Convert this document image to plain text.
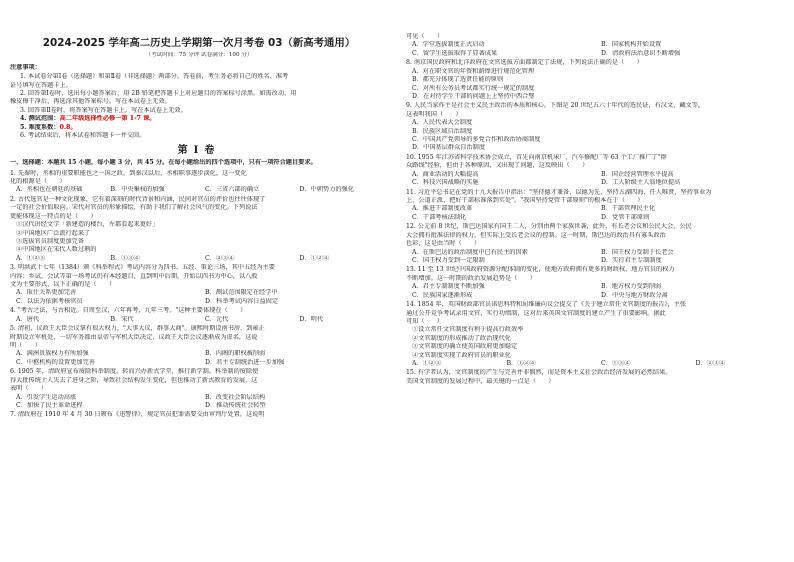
2024-2025 学年高二历史上学期第一次月考卷 03（新高考通用）
（考试时间：75 分钟 试卷满分：100 分）
注意事项：
1. 本试卷分第Ⅰ卷（选择题）和第Ⅱ卷（非选择题）两部分。答卷前，考生务必将自己的姓名、准考
证号填写在答题卡上。
2. 回答第Ⅰ卷时，选出每小题答案后，用 2B 铅笔把答题卡上对应题目的答案标号涂黑。如需改动，用
橡皮擦干净后，再选涂其他答案标号。写在本试卷上无效。
3. 回答第Ⅱ卷时，将答案写在答题卡上。写在本试卷上无效。
4. 测试范围：高二年级选择性必修一第 1-7 课。
5. 难度系数：0.8。
6. 考试结束后，将本试卷和答题卡一并交回。
第Ⅰ卷
一、选择题：本题共 15 小题，每小题 3 分，共 45 分。在每小题给出的四个选项中，只有一项符合题目要求。
1. 先秦时，丞相的重要职能也之一国之政，到秦汉以后，丞相职事逐步淡化，这一变化
化的根源是（　　）
A．丞相也在朝廷的基础	B．中央集权的加强	C．三省六部的确立	D．中朝势力的强化
2. 古代选官是一种文化现象，它有着深刻的时代背景和内涵，民间对官员的评价也往往体现了
一定的社会价值取向。宋代对官员的形象描绘，有助于我们了解社会风气的变化。下列说法
更能体现这一特点的是（　　）
①汉代讲经文学「新建造的楼台，左都看起来更好」
②中国地区广泛流行起来了
③选拔官员制度更加完备
④中国地区在宋代人数过剩的
A．①②③	B．①③④	C．②③④	D．①②④
3. 明洪武十七年（1384）颁《科举程式》考试内容分为四书、五经、策论三场，其中五经为主要
内容；乡试、会试等第一场考试仍有本经题目，直到明中后期，开始以四书为中心，以八股
文为主要形式，以下正确的是（　　）
A．取仕关系更加完善	B．测试范围限定在经学中
C．以法为依据考核官员	D．科举考试内容日益固定
4. "考古之法，与古相近。自周至汉，六年再考，九年三考。"这种主要体现在（　　）
A．唐代	B．宋代	C．元代	D．明代
5. 清初，议政王大臣会议掌有很大权力，"大事大议，群事大商"。康熙时期设南书房，到雍正
时期设立军机处，一切军务都由皇帝与军机大臣决定，议政王大臣会议逐渐成为虚名，这说
明（　　）
A．满洲贵族权力有所加强	B．内阁的职权被削弱
C．中枢机构的设置更加完善	D．君主专制统治进一步加强
6. 1905 年，清政府宣布废除科举制度，转而兴办新式学堂，推行新学制。科举制的废除使
得大批传统士人失去了进身之阶，导致社会结构发生变化，但也推动了新式教育的发展，这
表明（　　）
A．引发学生运动高涨	B．改变社会阶层结构
C．加快了民主革命进程	D．推动传统社会转型
7. 清政府在 1910 年 4 月 30 日颁布《违警律》，规定官员犯罪需要交由审判厅处置。这说明
可见（　　）
A．学堂选拔制度正式启动	B．国家机构开始设置
C．留学生选拔取得了显著成果	D．清政府法治意识不断增强
8. 南京国民政府和北洋政府在文官选拔方面都制定了法规，下列说法正确的是（　　）
A．对在职文官的年资和薪俸进行规范化管理
B．都充分体现了选贤任能的原则
C．对所有公务员考试都实行统一规定的制度
D．在对待学生干部的问题上上坚持中西合璧
9. 人民当家作主是社会主义民主政治的本质和核心。下图是 20 世纪五六十年代的选民证，有汉文、藏文等，
这表明我国（　　）
A．人民代表大会制度
B．民族区域自治制度
C．中国共产党领导的多党合作和政治协商制度
D．中国基层群众自治制度
10. 1955 年江苏省科学技术协会成立，首先向南京机床厂、汽车修配厂等 63 个工厂推广了"群
众路线"经验，但由于各种原因，又出现了问题，这反映出（　　）
A．商业活动的大幅提高	B．国企经营管理水平提高
C．科技兴国战略的实施	D．工人阶级主人翁地位提高
11. 习近平总书记在党的十九大报告中指出："坚持德才兼备、以德为先，坚持五湖四海、任人唯贤，坚持事业为
上、公道正派，把好干部标准落到实处"。"我国坚持党管干部原则"的根本在于（　　）
A．推进干部制度改革	B．干部管理民主化
C．干部考核法制化	D．党管干部原则
12. 公元前 8 世纪，斯巴达国家有国王二人，分别由两个家族世袭，此外，有长老会议和公民大会，公民
大会拥有批准法律的权力，但实际上受长老会议的控制。这一时期，斯巴达的政治具有寡头政治
色彩，这是由当时（　　）
A．在斯巴达的政治制度中已有民主的因素	B．国王权力受制于长老会
C．国王权力受到一定限制	D．实行君主专制制度
13. 11 至 13 世纪中国政府资源分配体制的变化，使地方政府拥有更多的财政权，地方官员的权力
不断增加。这一时期的政治发展趋势是（　　）
A．君主专制制度不断加强	B．地方权力受到削弱
C．民族国家逐渐形成	D．中央与地方财政分离
14. 1854 年，英国财政部官员诺思科特和屈维廉向议会提交了《关于建立常任文官制度的报告》，主张
通过公开竞争考试录用文官，实行功绩制，这对后来英国文官制度的建立产生了重要影响。据此
可知（　　）
①设立常任文官制度有利于提高行政效率
②文官制度的形成推动了政治现代化
③文官制度的确立使英国政府更加稳定
④文官制度实现了政府官员的职业化
A．①②③	B．①②④	C．①③④	D．②③④
15. 有学者认为，文官制度的产生与完善并非偶然，而是资本主义社会政治经济发展的必然结果。
美国文官制度的发展过程中，最关键的一点是（　　）
